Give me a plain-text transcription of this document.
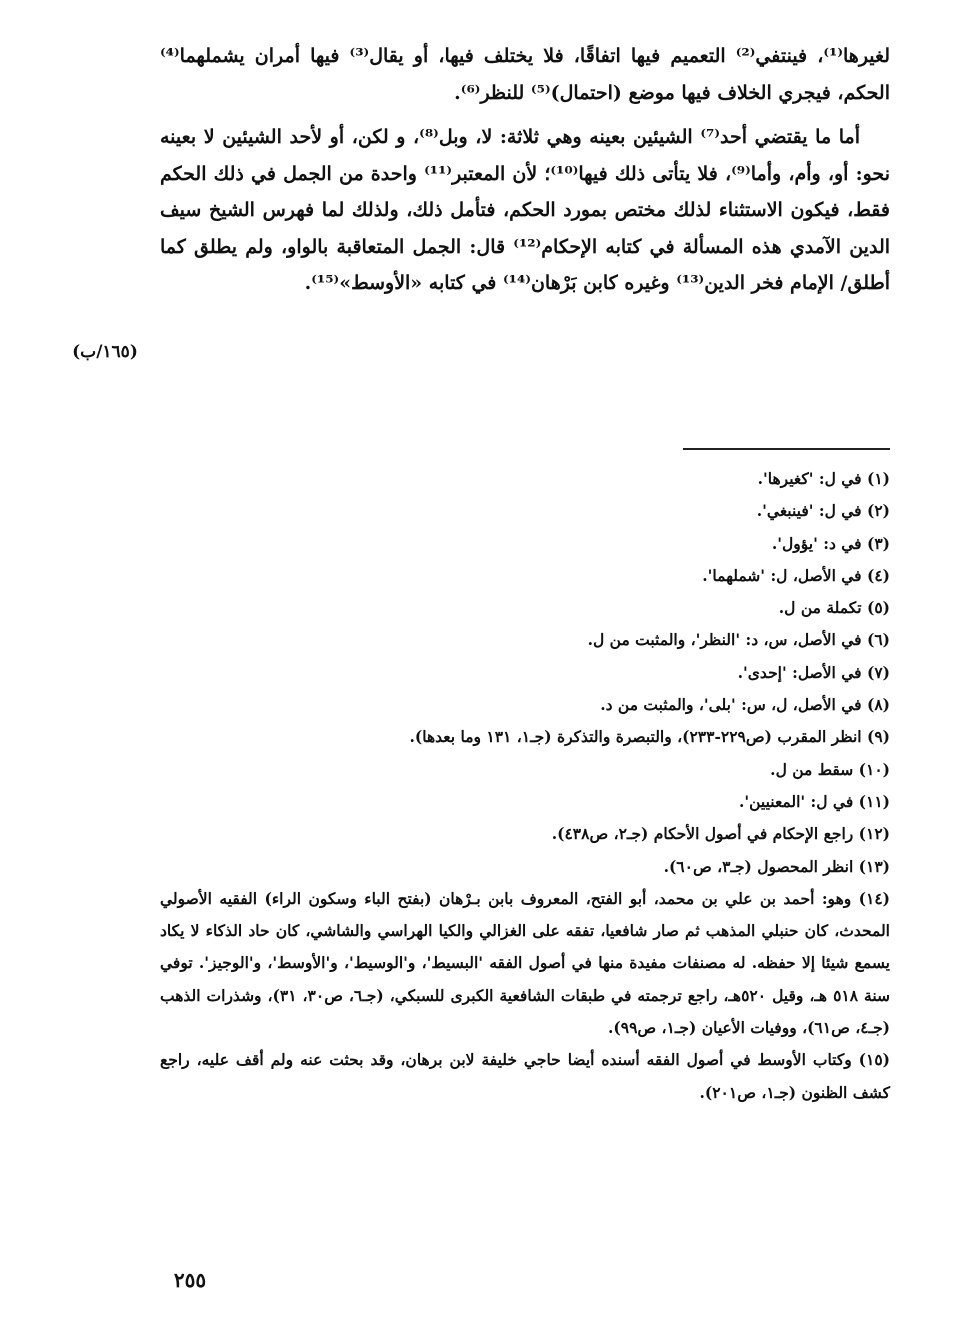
لغيرها⁽¹⁾، فينتفي⁽²⁾ التعميم فيها اتفاقًا، فلا يختلف فيها، أو يقال⁽³⁾ فيها أمران يشملهما⁽⁴⁾ الحكم، فيجري الخلاف فيها موضع (احتمال)⁽⁵⁾ للنظر⁽⁶⁾.

أما ما يقتضي أحد⁽⁷⁾ الشيئين بعينه وهي ثلاثة: لا، وبل⁽⁸⁾، و لكن، أو لأحد الشيئين لا بعينه نحو: أو، وأم، وأما⁽⁹⁾، فلا يتأتى ذلك فيها⁽¹⁰⁾؛ لأن المعتبر⁽¹¹⁾ واحدة من الجمل في ذلك الحكم فقط، فيكون الاستثناء لذلك مختص بمورد الحكم، فتأمل ذلك، ولذلك لما فهرس الشيخ سيف الدين الآمدي هذه المسألة في كتابه الإحكام⁽¹²⁾ قال: الجمل المتعاقبة بالواو، ولم يطلق كما أطلق/ الإمام فخر الدين⁽¹³⁾ وغيره كابن بَرْهان⁽¹⁴⁾ في كتابه «الأوسط»⁽¹⁵⁾.

(١٦٥/ب)
(١) في ل: 'كغيرها'.
(٢) في ل: 'فينبغي'.
(٣) في د: 'يؤول'.
(٤) في الأصل، ل: 'شملهما'.
(٥) تكملة من ل.
(٦) في الأصل، س، د: 'النظر'، والمثبت من ل.
(٧) في الأصل: 'إحدى'.
(٨) في الأصل، ل، س: 'بلى'، والمثبت من د.
(٩) انظر المقرب (ص٢٢٩-٢٣٣)، والتبصرة والتذكرة (جـ١، ١٣١ وما بعدها).
(١٠) سقط من ل.
(١١) في ل: 'المعنيين'.
(١٢) راجع الإحكام في أصول الأحكام (جـ٢، ص٤٣٨).
(١٣) انظر المحصول (جـ٣، ص٦٠).
(١٤) وهو: أحمد بن علي بن محمد، أبو الفتح، المعروف بابن بـرْهان (بفتح الباء وسكون الراء) الفقيه الأصولي المحدث، كان حنبلي المذهب ثم صار شافعيا، تفقه على الغزالي والكيا الهراسي والشاشي، كان حاد الذكاء لا يكاد يسمع شيئا إلا حفظه. له مصنفات مفيدة منها في أصول الفقه 'البسيط'، و'الوسيط'، و'الأوسط'، و'الوجيز'. توفي سنة ٥١٨ هـ، وقيل ٥٢٠هـ، راجع ترجمته في طبقات الشافعية الكبرى للسبكي، (جـ٦، ص٣٠، ٣١)، وشذرات الذهب (جـ٤، ص٦١)، ووفيات الأعيان (جـ١، ص٩٩).
(١٥) وكتاب الأوسط في أصول الفقه أسنده أيضا حاجي خليفة لابن برهان، وقد بحثت عنه ولم أقف عليه، راجع كشف الظنون (جـ١، ص٢٠١).
٢٥٥
